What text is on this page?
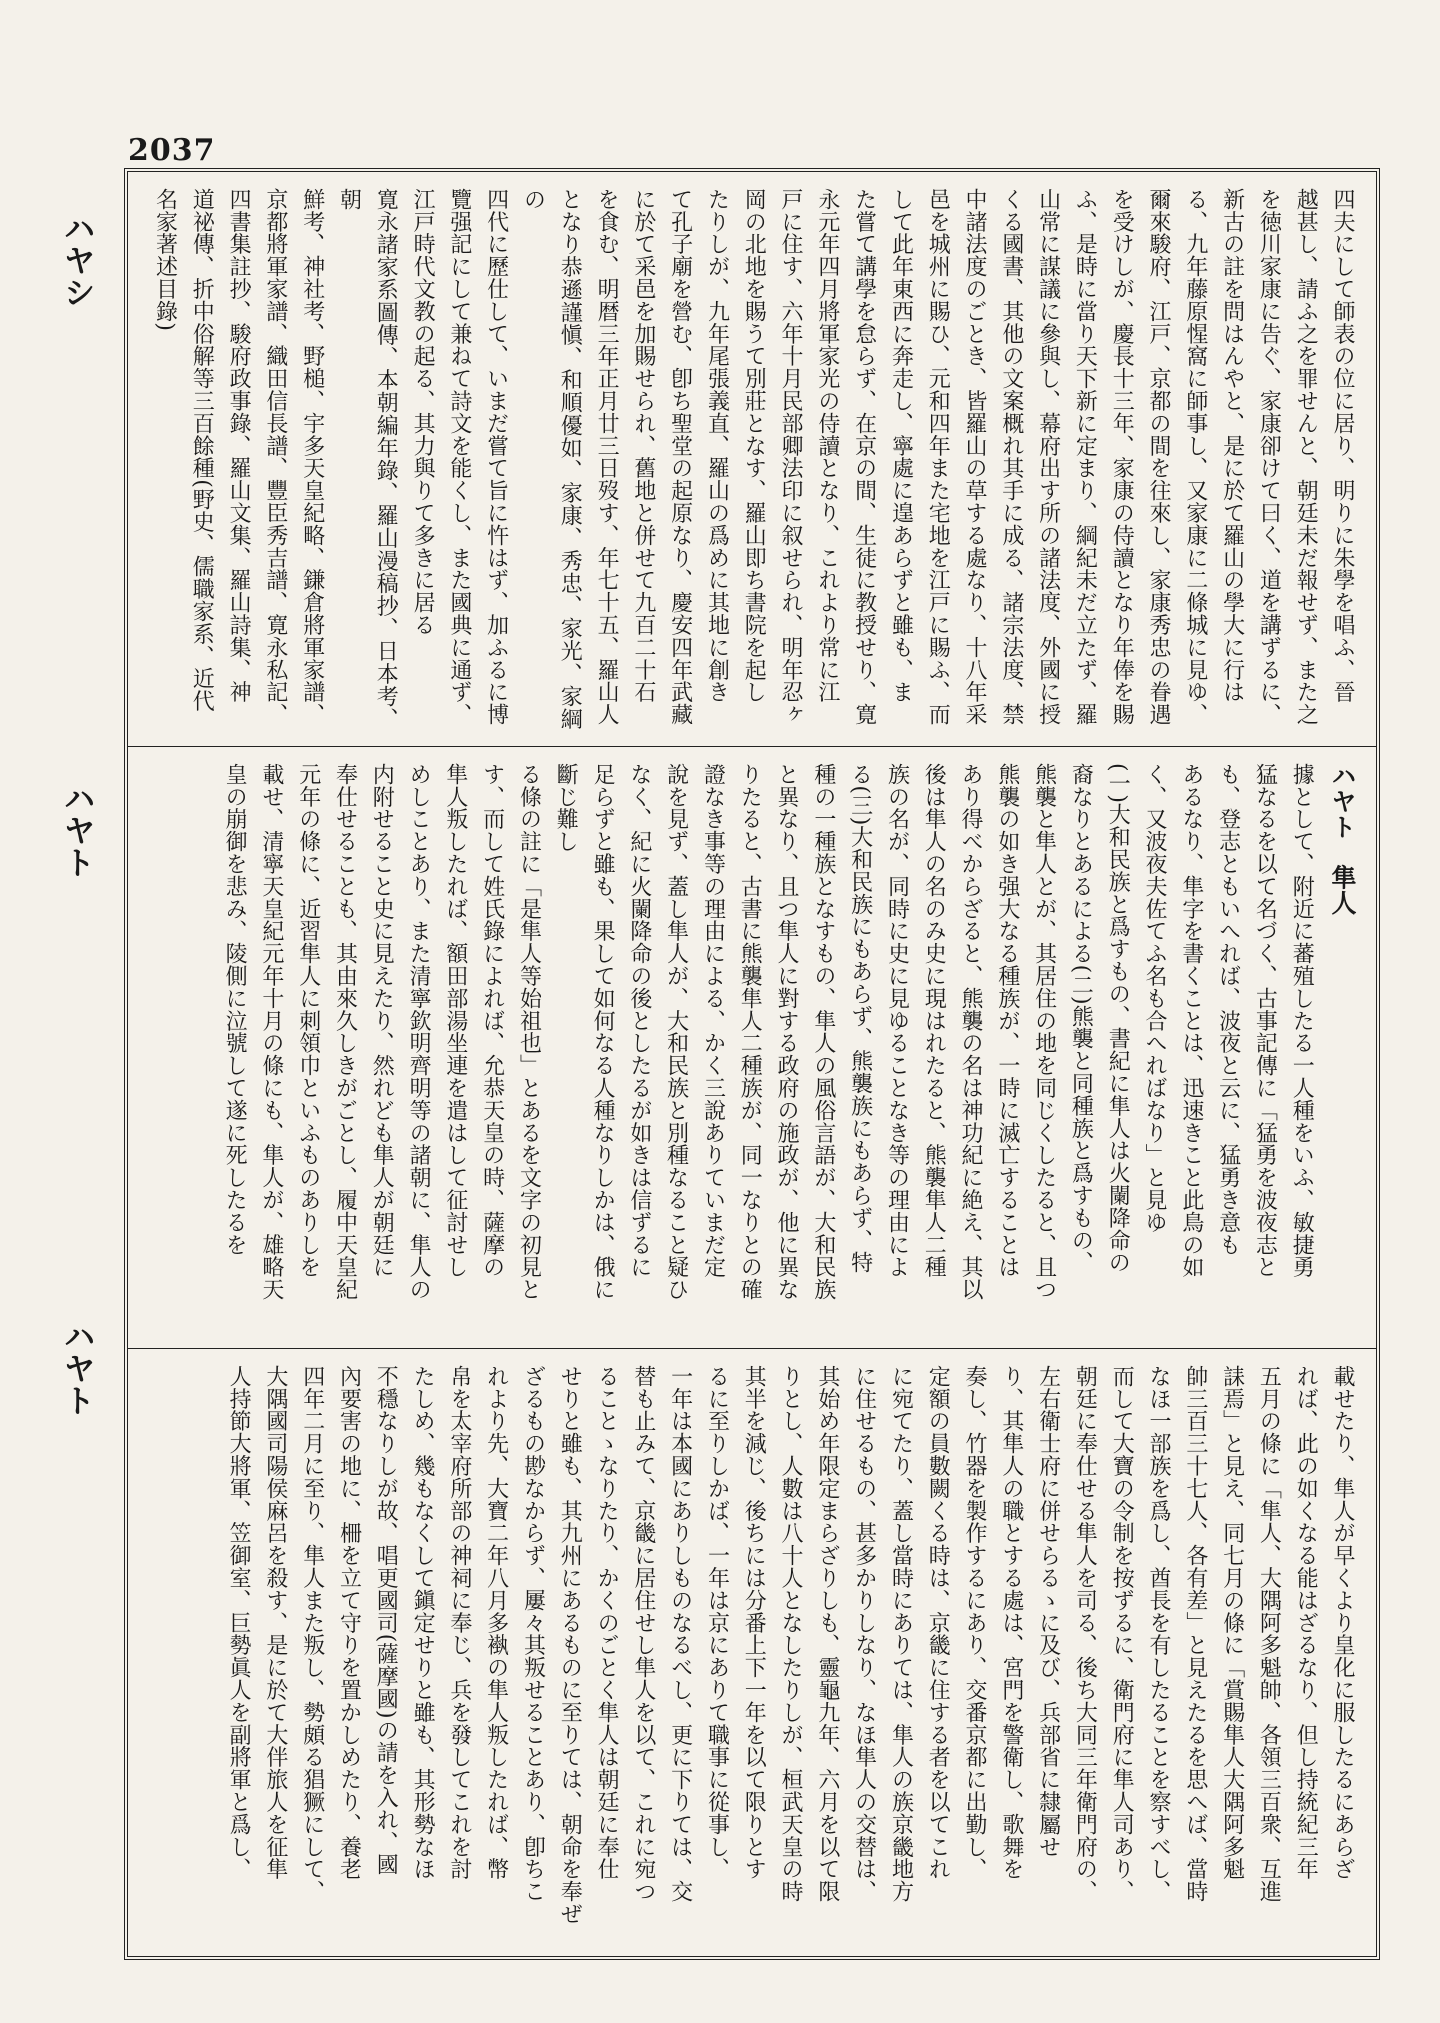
2037
ハヤシ
ハヤト
ハヤト
四夫にして師表の位に居り、明りに朱學を唱ふ、晉
越甚し、請ふ之を罪せんと、朝廷未だ報せず、また之
を徳川家康に告ぐ、家康卻けて曰く、道を講ずるに、
新古の註を問はんやと、是に於て羅山の學大に行は
る、九年藤原惺窩に師事し、又家康に二條城に見ゆ、
爾來駿府、江戸、京都の間を往來し、家康秀忠の眷遇
を受けしが、慶長十三年、家康の侍讀となり年俸を賜
ふ、是時に當り天下新に定まり、綱紀未だ立たず、羅
山常に謀議に參與し、幕府出す所の諸法度、外國に授
くる國書、其他の文案概れ其手に成る、諸宗法度、禁
中諸法度のごとき、皆羅山の草する處なり、十八年采
邑を城州に賜ひ、元和四年また宅地を江戸に賜ふ、而
して此年東西に奔走し、寧處に遑あらずと雖も、ま
た嘗て講學を怠らず、在京の間、生徒に教授せり、寛
永元年四月將軍家光の侍讀となり、これより常に江
戸に住す、六年十月民部卿法印に叙せられ、明年忍ヶ
岡の北地を賜うて別莊となす、羅山即ち書院を起し
たりしが、九年尾張義直、羅山の爲めに其地に創き
て孔子廟を營む、卽ち聖堂の起原なり、慶安四年武藏
に於て采邑を加賜せられ、舊地と併せて九百二十石
を食む、明暦三年正月廿三日歿す、年七十五、羅山人
となり恭遜謹愼、和順優如、家康、秀忠、家光、家綱の
四代に歷仕して、いまだ嘗て旨に忤はず、加ふるに博
覽强記にして兼ねて詩文を能くし、また國典に通ず、
江戸時代文教の起る、其力與りて多きに居る
寛永諸家系圖傳、本朝編年錄、羅山漫稿抄、日本考、朝
鮮考、神社考、野槌、宇多天皇紀略、鎌倉將軍家譜、
京都將軍家譜、織田信長譜、豐臣秀吉譜、寛永私記、
四書集註抄、駿府政事錄、羅山文集、羅山詩集、神
道祕傳、折中俗解等三百餘種(野史、儒職家系、近代
名家著述目錄)
ハヤト　隼人
據として、附近に蕃殖したる一人種をいふ、敏捷勇
猛なるを以て名づく、古事記傳に「猛勇を波夜志と
も、登志ともいへれば、波夜と云に、猛勇き意も
あるなり、隼字を書くことは、迅速きこと此鳥の如
く、又波夜夫佐てふ名も合へればなり」と見ゆ
(一)大和民族と爲すもの、書紀に隼人は火闌降命の
裔なりとあるによる(二)熊襲と同種族と爲すもの、
熊襲と隼人とが、其居住の地を同じくしたると、且つ
熊襲の如き强大なる種族が、一時に滅亡することは
あり得べからざると、熊襲の名は神功紀に絶え、其以
後は隼人の名のみ史に現はれたると、熊襲隼人二種
族の名が、同時に史に見ゆることなき等の理由によ
る(三)大和民族にもあらず、熊襲族にもあらず、特
種の一種族となすもの、隼人の風俗言語が、大和民族
と異なり、且つ隼人に對する政府の施政が、他に異な
りたると、古書に熊襲隼人二種族が、同一なりとの確
證なき事等の理由による、かく三說ありていまだ定
說を見ず、蓋し隼人が、大和民族と別種なること疑ひ
なく、紀に火闌降命の後としたるが如きは信ずるに
足らずと雖も、果して如何なる人種なりしかは、俄に
斷じ難し
る條の註に「是隼人等始祖也」とあるを文字の初見と
す、而して姓氏錄によれば、允恭天皇の時、薩摩の
隼人叛したれば、額田部湯坐連を遣はして征討せし
めしことあり、また清寧欽明齊明等の諸朝に、隼人の
内附せること史に見えたり、然れども隼人が朝廷に
奉仕せることも、其由來久しきがごとし、履中天皇紀
元年の條に、近習隼人に刺領巾といふものありしを
載せ、清寧天皇紀元年十月の條にも、隼人が、雄略天
皇の崩御を悲み、陵側に泣號して遂に死したるを
載せたり、隼人が早くより皇化に服したるにあらざ
れば、此の如くなる能はざるなり、但し持統紀三年
五月の條に「隼人、大隅阿多魁帥、各領三百衆、互進
誄焉」と見え、同七月の條に「賞賜隼人大隅阿多魁
帥三百三十七人、各有差」と見えたるを思へば、當時
なほ一部族を爲し、酋長を有したることを察すべし、
而して大寶の令制を按ずるに、衛門府に隼人司あり、
朝廷に奉仕せる隼人を司る、後ち大同三年衛門府の、
左右衛士府に併せらるゝに及び、兵部省に隸屬せ
り、其隼人の職とする處は、宮門を警衛し、歌舞を
奏し、竹器を製作するにあり、交番京都に出勤し、
定額の員數闕くる時は、京畿に住する者を以てこれ
に宛てたり、蓋し當時にありては、隼人の族京畿地方
に住せるもの、甚多かりしなり、なほ隼人の交替は、
其始め年限定まらざりしも、靈龜九年、六月を以て限
りとし、人數は八十人となしたりしが、桓武天皇の時
其半を減じ、後ちには分番上下一年を以て限りとす
るに至りしかば、一年は京にありて職事に從事し、
一年は本國にありしものなるべし、更に下りては、交
替も止みて、京畿に居住せし隼人を以て、これに宛つ
ることゝなりたり、かくのごとく隼人は朝廷に奉仕
せりと雖も、其九州にあるものに至りては、朝命を奉ぜ
ざるもの尠なからず、屢々其叛せることあり、卽ちこ
れより先、大寶二年八月多褹の隼人叛したれば、幣
帛を太宰府所部の神祠に奉じ、兵を發してこれを討
たしめ、幾もなくして鎭定せりと雖も、其形勢なほ
不穩なりしが故、唱更國司(薩摩國)の請を入れ、國
內要害の地に、柵を立て守りを置かしめたり、養老
四年二月に至り、隼人また叛し、勢頗る猖獗にして、
大隅國司陽侯麻呂を殺す、是に於て大伴旅人を征隼
人持節大將軍、笠御室、巨勢眞人を副將軍と爲し、
